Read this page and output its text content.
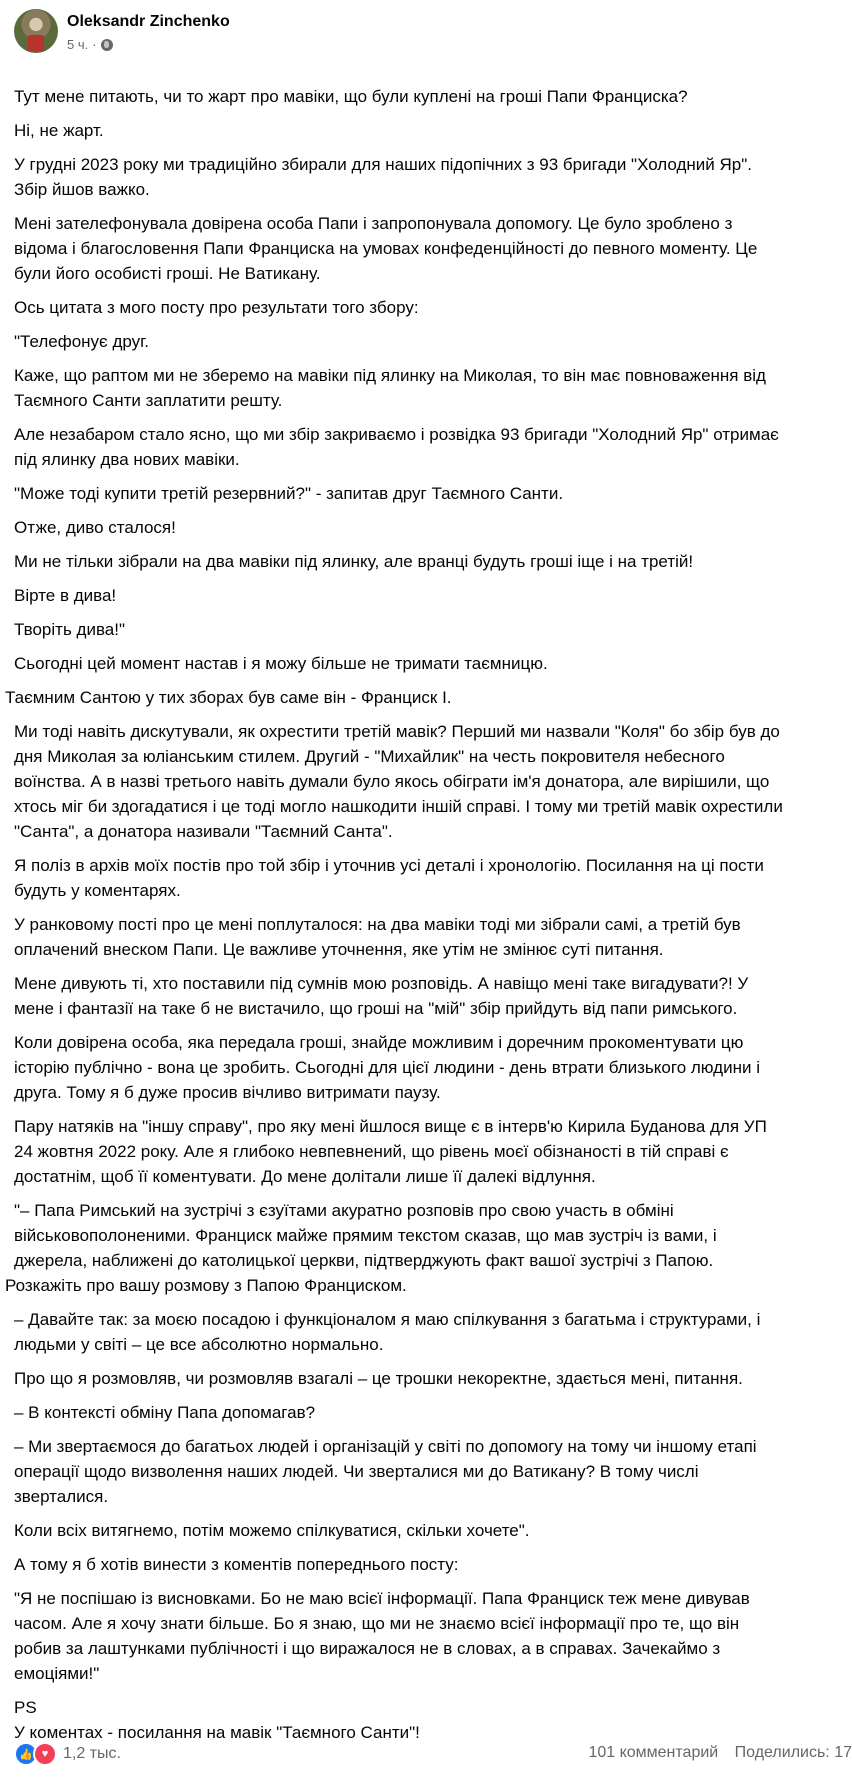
Oleksandr Zinchenko
5 ч. ·
Тут мене питають, чи то жарт про мавіки, що були куплені на гроші Папи Франциска?
Ні, не жарт.
У грудні 2023 року ми традиційно збирали для наших підопічних з 93 бригади "Холодний Яр".
Збір йшов важко.
Мені зателефонувала довірена особа Папи і запропонувала допомогу. Це було зроблено з
відома і благословення Папи Франциска на умовах конфеденційності до певного моменту. Це
були його особисті гроші. Не Ватикану.
Ось цитата з мого посту про результати того збору:
"Телефонує друг.
Каже, що раптом ми не зберемо на мавіки під ялинку на Миколая, то він має повноваження від
Таємного Санти заплатити решту.
Але незабаром стало ясно, що ми збір закриваємо і розвідка 93 бригади "Холодний Яр" отримає
під ялинку два нових мавіки.
"Може тоді купити третій резервний?" - запитав друг Таємного Санти.
Отже, диво сталося!
Ми не тільки зібрали на два мавіки під ялинку, але вранці будуть гроші іще і на третій!
Вірте в дива!
Творіть дива!"
Сьогодні цей момент настав і я можу більше не тримати таємницю.
Таємним Сантою у тих зборах був саме він - Франциск I.
Ми тоді навіть дискутували, як охрестити третій мавік? Перший ми назвали "Коля" бо збір був до
дня Миколая за юліанським стилем. Другий - "Михайлик" на честь покровителя небесного
воїнства. А в назві третього навіть думали було якось обіграти ім'я донатора, але вирішили, що
хтось міг би здогадатися і це тоді могло нашкодити іншій справі. І тому ми третій мавік охрестили
"Санта", а донатора називали "Таємний Санта".
Я поліз в архів моїх постів про той збір і уточнив усі деталі і хронологію. Посилання на ці пости
будуть у коментарях.
У ранковому пості про це мені поплуталося: на два мавіки тоді ми зібрали самі, а третій був
оплачений внеском Папи. Це важливе уточнення, яке утім не змінює суті питання.
Мене дивують ті, хто поставили під сумнів мою розповідь. А навіщо мені таке вигадувати?! У
мене і фантазії на таке б не вистачило, що гроші на "мій" збір прийдуть від папи римського.
Коли довірена особа, яка передала гроші, знайде можливим і доречним прокоментувати цю
історію публічно - вона це зробить. Сьогодні для цієї людини - день втрати близького людини і
друга. Тому я б дуже просив вічливо витримати паузу.
Пару натяків на "іншу справу", про яку мені йшлося вище є в інтерв'ю Кирила Буданова для УП
24 жовтня 2022 року. Але я глибоко невпевнений, що рівень моєї обізнаності в тій справі є
достатнім, щоб її коментувати. До мене долітали лише її далекі відлуння.
"– Папа Римський на зустрічі з єзуїтами акуратно розповів про свою участь в обміні
військовополоненими. Франциск майже прямим текстом сказав, що мав зустріч із вами, і
джерела, наближені до католицької церкви, підтверджують факт вашої зустрічі з Папою.
Розкажіть про вашу розмову з Папою Франциском.
– Давайте так: за моєю посадою і функціоналом я маю спілкування з багатьма і структурами, і
людьми у світі – це все абсолютно нормально.
Про що я розмовляв, чи розмовляв взагалі – це трошки некоректне, здається мені, питання.
– В контексті обміну Папа допомагав?
– Ми звертаємося до багатьох людей і організацій у світі по допомогу на тому чи іншому етапі
операції щодо визволення наших людей. Чи зверталися ми до Ватикану? В тому числі
зверталися.
Коли всіх витягнемо, потім можемо спілкуватися, скільки хочете".
А тому я б хотів винести з коментів попереднього посту:
"Я не поспішаю із висновками. Бо не маю всієї інформації. Папа Франциск теж мене дивував
часом. Але я хочу знати більше. Бо я знаю, що ми не знаємо всієї інформації про те, що він
робив за лаштунками публічності і що виражалося не в словах, а в справах. Зачекаймо з
емоціями!"
PS
У коментах - посилання на мавік "Таємного Санти"!
👍 ♥ 1,2 тыс.	101 комментарий Поделились: 17
